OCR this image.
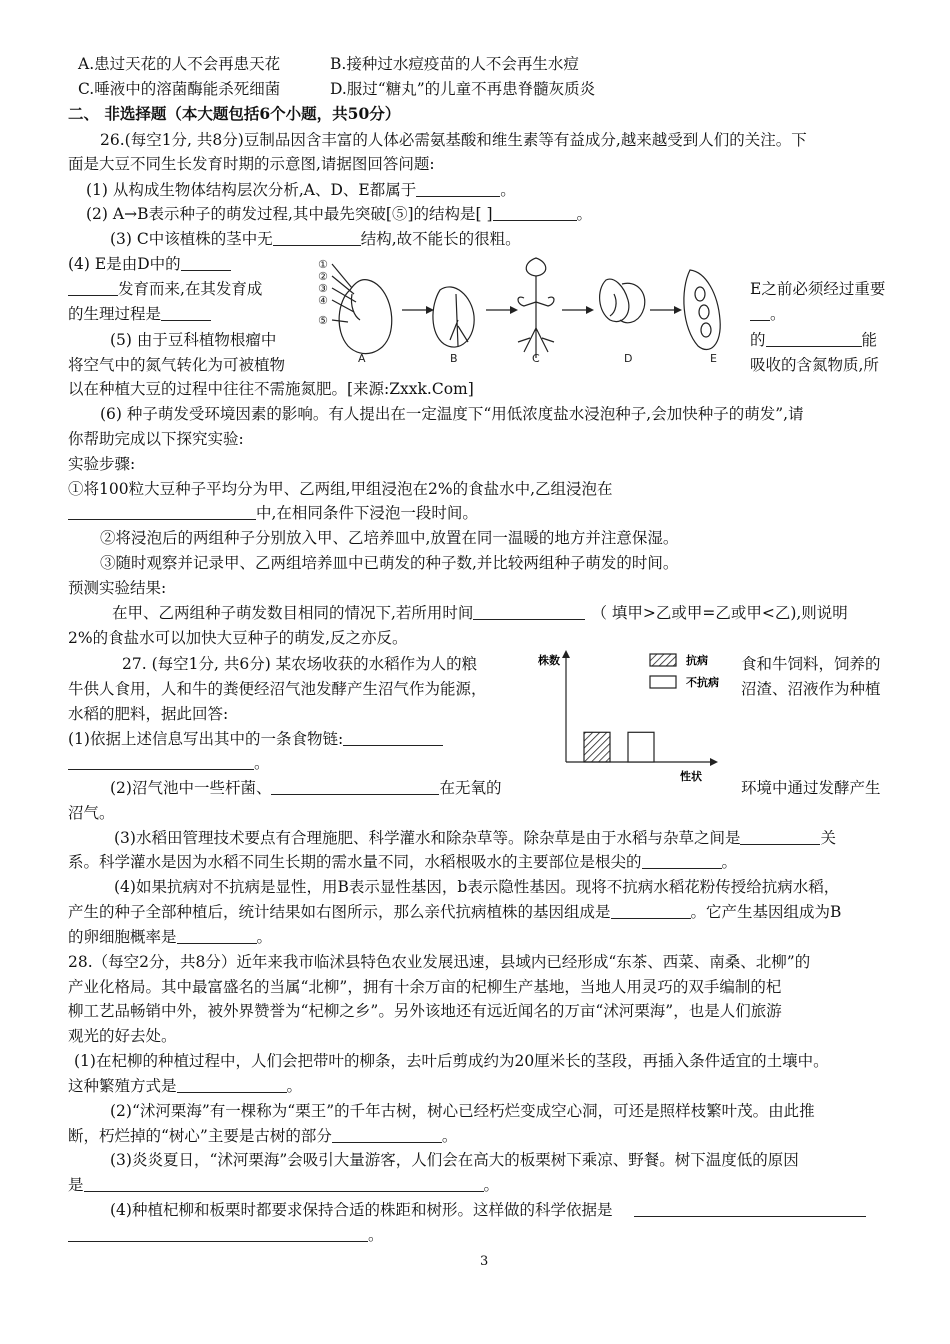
A.患过天花的人不会再患天花	B.接种过水痘疫苗的人不会再生水痘
C.唾液中的溶菌酶能杀死细菌	D.服过“糖丸”的儿童不再患脊髓灰质炎
二、 非选择题（本大题包括6个小题，共50分）
26.(每空1分, 共8分)豆制品因含丰富的人体必需氨基酸和维生素等有益成分,越来越受到人们的关注。下
面是大豆不同生长发育时期的示意图,请据图回答问题:
(1) 从构成生物体结构层次分析,A、D、E都属于	。
(2) A→B表示种子的萌发过程,其中最先突破[⑤]的结构是[ ]	。
(3) C中该植株的茎中无	结构,故不能长的很粗。
(4) E是由D中的
发育而来,在其发育成	E之前必须经过重要
的生理过程是	。
(5) 由于豆科植物根瘤中	的	能
将空气中的氮气转化为可被植物	吸收的含氮物质,所
以在种植大豆的过程中往往不需施氮肥。[来源:Zxxk.Com]
①
②
③
④
⑤
A	B	C	D	E
(6) 种子萌发受环境因素的影响。有人提出在一定温度下“用低浓度盐水浸泡种子,会加快种子的萌发”,请
你帮助完成以下探究实验:
实验步骤:
①将100粒大豆种子平均分为甲、乙两组,甲组浸泡在2%的食盐水中,乙组浸泡在
中,在相同条件下浸泡一段时间。
②将浸泡后的两组种子分别放入甲、乙培养皿中,放置在同一温暖的地方并注意保湿。
③随时观察并记录甲、乙两组培养皿中已萌发的种子数,并比较两组种子萌发的时间。
预测实验结果:
在甲、乙两组种子萌发数目相同的情况下,若所用时间	（ 填甲>乙或甲=乙或甲<乙),则说明
2%的食盐水可以加快大豆种子的萌发,反之亦反。
27. (每空1分, 共6分) 某农场收获的水稻作为人的粮	食和牛饲料，饲养的
牛供人食用，人和牛的粪便经沼气池发酵产生沼气作为能源，	沼渣、沼液作为种植
水稻的肥料，据此回答:
(1)依据上述信息写出其中的一条食物链:
。
(2)沼气池中一些杆菌、	在无氧的	环境中通过发酵产生
沼气。
株数
性状
抗病
不抗病
(3)水稻田管理技术要点有合理施肥、科学灌水和除杂草等。除杂草是由于水稻与杂草之间是	关
系。科学灌水是因为水稻不同生长期的需水量不同，水稻根吸水的主要部位是根尖的	。
(4)如果抗病对不抗病是显性，用B表示显性基因，b表示隐性基因。现将不抗病水稻花粉传授给抗病水稻，
产生的种子全部种植后，统计结果如右图所示，那么亲代抗病植株的基因组成是	。它产生基因组成为B
的卵细胞概率是	。
28.（每空2分，共8分）近年来我市临沭县特色农业发展迅速，县域内已经形成“东茶、西菜、南桑、北柳”的
产业化格局。其中最富盛名的当属“北柳”，拥有十余万亩的杞柳生产基地，当地人用灵巧的双手编制的杞
柳工艺品畅销中外，被外界赞誉为“杞柳之乡”。另外该地还有远近闻名的万亩“沭河栗海”，也是人们旅游
观光的好去处。
(1)在杞柳的种植过程中，人们会把带叶的柳条，去叶后剪成约为20厘米长的茎段，再插入条件适宜的土壤中。
这种繁殖方式是	。
(2)“沭河栗海”有一棵称为“栗王”的千年古树，树心已经朽烂变成空心洞，可还是照样枝繁叶茂。由此推
断，朽烂掉的“树心”主要是古树的部分	。
(3)炎炎夏日，“沭河栗海”会吸引大量游客，人们会在高大的板栗树下乘凉、野餐。树下温度低的原因
是	。
(4)种植杞柳和板栗时都要求保持合适的株距和树形。这样做的科学依据是
。
3
